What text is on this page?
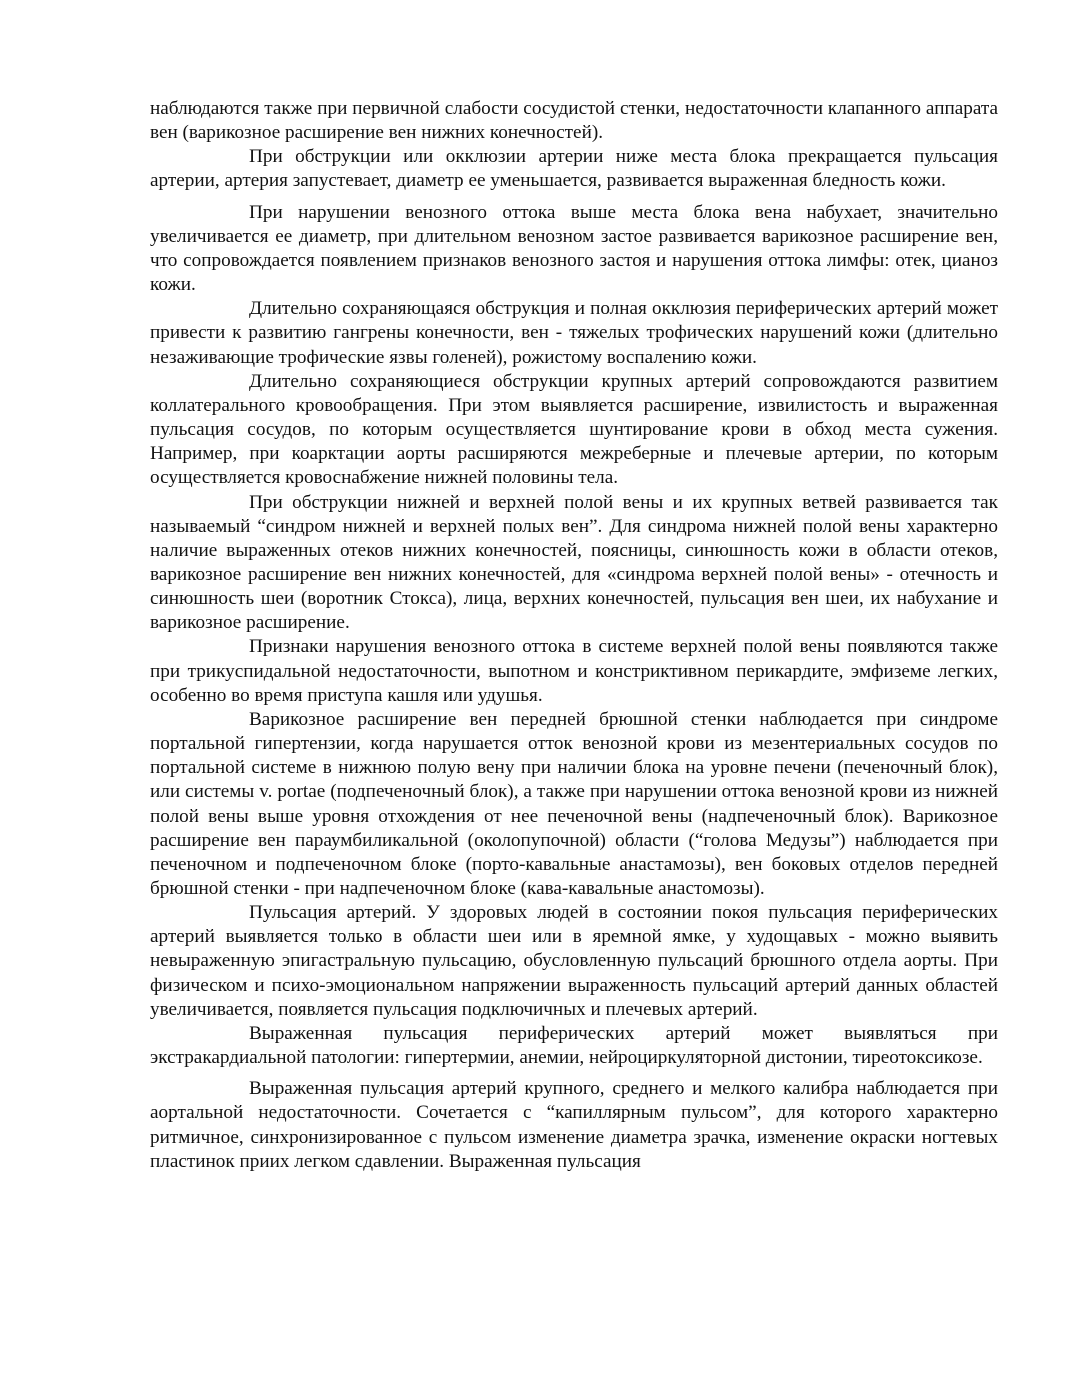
наблюдаются также при первичной слабости сосудистой стенки, недостаточности клапанного аппарата вен (варикозное расширение вен нижних конечностей).

При обструкции или окклюзии артерии ниже места блока прекращается пульсация артерии, артерия запустевает, диаметр ее уменьшается, развивается выраженная бледность кожи.

При нарушении венозного оттока выше места блока вена набухает, значительно увеличивается ее диаметр, при длительном венозном застое развивается варикозное расширение вен, что сопровождается появлением признаков венозного застоя и нарушения оттока лимфы: отек, цианоз кожи.

Длительно сохраняющаяся обструкция и полная окклюзия периферических артерий может привести к развитию гангрены конечности, вен - тяжелых трофических нарушений кожи (длительно незаживающие трофические язвы голеней), рожистому воспалению кожи.

Длительно сохраняющиеся обструкции крупных артерий сопровождаются развитием коллатерального кровообращения. При этом выявляется расширение, извилистость и выраженная пульсация сосудов, по которым осуществляется шунтирование крови в обход места сужения. Например, при коарктации аорты расширяются межреберные и плечевые артерии, по которым осуществляется кровоснабжение нижней половины тела.

При обструкции нижней и верхней полой вены и их крупных ветвей развивается так называемый “синдром нижней и верхней полых вен”. Для синдрома нижней полой вены характерно наличие выраженных отеков нижних конечностей, поясницы, синюшность кожи в области отеков, варикозное расширение вен нижних конечностей, для «синдрома верхней полой вены» - отечность и синюшность шеи (воротник Стокса), лица, верхних конечностей, пульсация вен шеи, их набухание и варикозное расширение.

Признаки нарушения венозного оттока в системе верхней полой вены появляются также при трикуспидальной недостаточности, выпотном и констриктивном перикардите, эмфиземе легких, особенно во время приступа кашля или удушья.

Варикозное расширение вен передней брюшной стенки наблюдается при синдроме портальной гипертензии, когда нарушается отток венозной крови из мезентериальных сосудов по портальной системе в нижнюю полую вену при наличии блока на уровне печени (печеночный блок), или системы v. portae (подпеченочный блок), а также при нарушении оттока венозной крови из нижней полой вены выше уровня отхождения от нее печеночной вены (надпеченочный блок). Варикозное расширение вен параумбиликальной (околопупочной) области (“голова Медузы”) наблюдается при печеночном и подпеченочном блоке (порто-кавальные анастамозы), вен боковых отделов передней брюшной стенки - при надпеченочном блоке (кава-кавальные анастомозы).

Пульсация артерий. У здоровых людей в состоянии покоя пульсация периферических артерий выявляется только в области шеи или в яремной ямке, у худощавых - можно выявить невыраженную эпигастральную пульсацию, обусловленную пульсаций брюшного отдела аорты. При физическом и психо-эмоциональном напряжении выраженность пульсаций артерий данных областей увеличивается, появляется пульсация подключичных и плечевых артерий.

Выраженная пульсация периферических артерий может выявляться при экстракардиальной патологии: гипертермии, анемии, нейроциркуляторной дистонии, тиреотоксикозе.

Выраженная пульсация артерий крупного, среднего и мелкого калибра наблюдается при аортальной недостаточности. Сочетается с “капиллярным пульсом”, для которого характерно ритмичное, синхронизированное с пульсом изменение диаметра зрачка, изменение окраски ногтевых пластинок приих легком сдавлении. Выраженная пульсация
